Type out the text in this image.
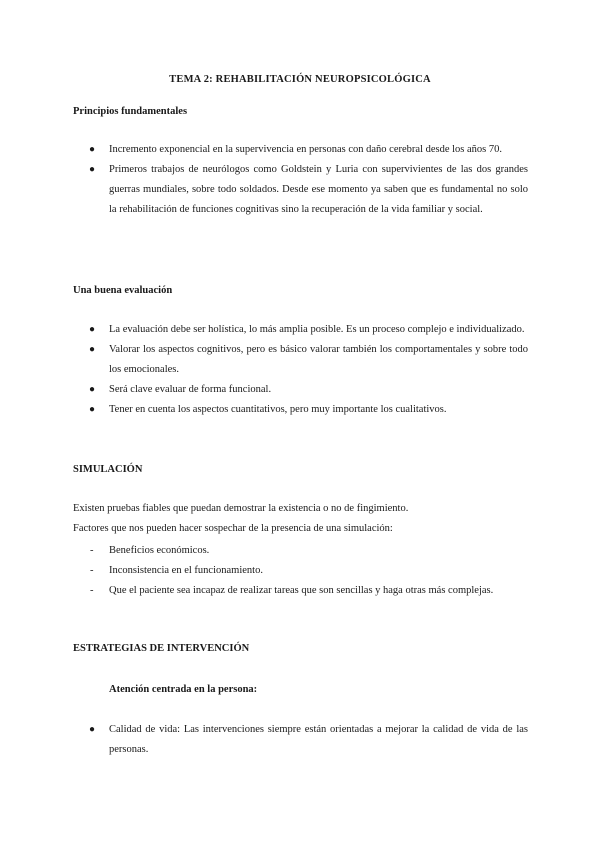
TEMA 2: REHABILITACIÓN NEUROPSICOLÓGICA
Principios fundamentales
● Incremento exponencial en la supervivencia en personas con daño cerebral desde los años 70.
● Primeros trabajos de neurólogos como Goldstein y Luria con supervivientes de las dos grandes guerras mundiales, sobre todo soldados. Desde ese momento ya saben que es fundamental no solo la rehabilitación de funciones cognitivas sino la recuperación de la vida familiar y social.
Una buena evaluación
● La evaluación debe ser holística, lo más amplia posible. Es un proceso complejo e individualizado.
● Valorar los aspectos cognitivos, pero es básico valorar también los comportamentales y sobre todo los emocionales.
● Será clave evaluar de forma funcional.
● Tener en cuenta los aspectos cuantitativos, pero muy importante los cualitativos.
SIMULACIÓN
Existen pruebas fiables que puedan demostrar la existencia o no de fingimiento.
Factores que nos pueden hacer sospechar de la presencia de una simulación:
- Beneficios económicos.
- Inconsistencia en el funcionamiento.
- Que el paciente sea incapaz de realizar tareas que son sencillas y haga otras más complejas.
ESTRATEGIAS DE INTERVENCIÓN
Atención centrada en la persona:
● Calidad de vida: Las intervenciones siempre están orientadas a mejorar la calidad de vida de las personas.
